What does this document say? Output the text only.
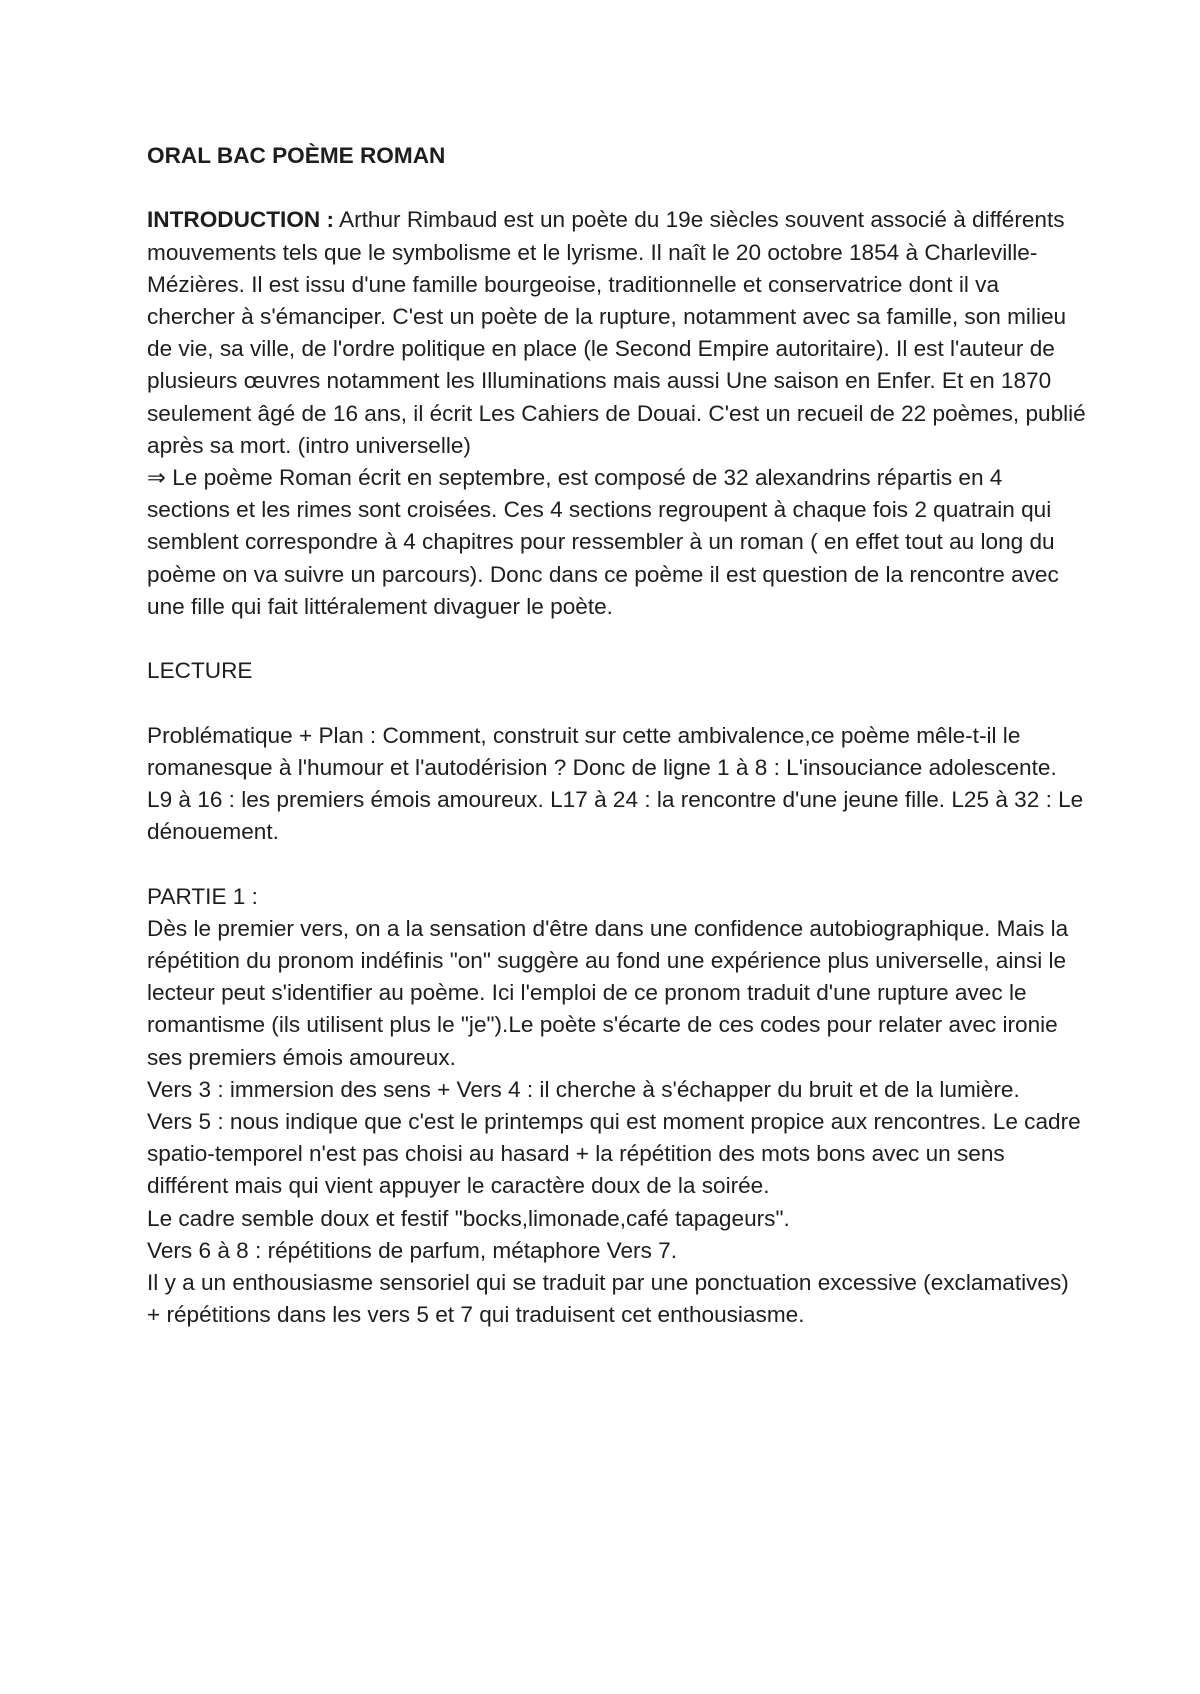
ORAL BAC POÈME ROMAN

INTRODUCTION : Arthur Rimbaud est un poète du 19e siècles souvent associé à différents mouvements tels que le symbolisme et le lyrisme. Il naît le 20 octobre 1854 à Charleville-Mézières. Il est issu d'une famille bourgeoise, traditionnelle et conservatrice dont il va chercher à s'émanciper. C'est un poète de la rupture, notamment avec sa famille, son milieu de vie, sa ville, de l'ordre politique en place (le Second Empire autoritaire). Il est l'auteur de plusieurs œuvres notamment les Illuminations mais aussi Une saison en Enfer. Et en 1870 seulement âgé de 16 ans, il écrit Les Cahiers de Douai. C'est un recueil de 22 poèmes, publié après sa mort. (intro universelle)

⇒ Le poème Roman écrit en septembre, est composé de 32 alexandrins répartis en 4 sections et les rimes sont croisées. Ces 4 sections regroupent à chaque fois 2 quatrain qui semblent correspondre à 4 chapitres pour ressembler à un roman ( en effet tout au long du poème on va suivre un parcours). Donc dans ce poème il est question de la rencontre avec une fille qui fait littéralement divaguer le poète.

LECTURE

Problématique + Plan : Comment, construit sur cette ambivalence,ce poème mêle-t-il le romanesque à l'humour et l'autodérision ? Donc de ligne 1 à 8 : L'insouciance adolescente. L9 à 16 : les premiers émois amoureux. L17 à 24 : la rencontre d'une jeune fille. L25 à 32 : Le dénouement.

PARTIE 1 :

Dès le premier vers, on a la sensation d'être dans une confidence autobiographique. Mais la répétition du pronom indéfinis "on" suggère au fond une expérience plus universelle, ainsi le lecteur peut s'identifier au poème. Ici l'emploi de ce pronom traduit d'une rupture avec le romantisme (ils utilisent plus le "je").Le poète s'écarte de ces codes pour relater avec ironie ses premiers émois amoureux.

Vers 3 : immersion des sens + Vers 4 : il cherche à s'échapper du bruit et de la lumière.

Vers 5 : nous indique que c'est le printemps qui est moment propice aux rencontres. Le cadre spatio-temporel n'est pas choisi au hasard + la répétition des mots bons avec un sens différent mais qui vient appuyer le caractère doux de la soirée.

Le cadre semble doux et festif "bocks,limonade,café tapageurs".

Vers 6 à 8 : répétitions de parfum, métaphore Vers 7.

Il y a un enthousiasme sensoriel qui se traduit par une ponctuation excessive (exclamatives) + répétitions dans les vers 5 et 7 qui traduisent cet enthousiasme.
